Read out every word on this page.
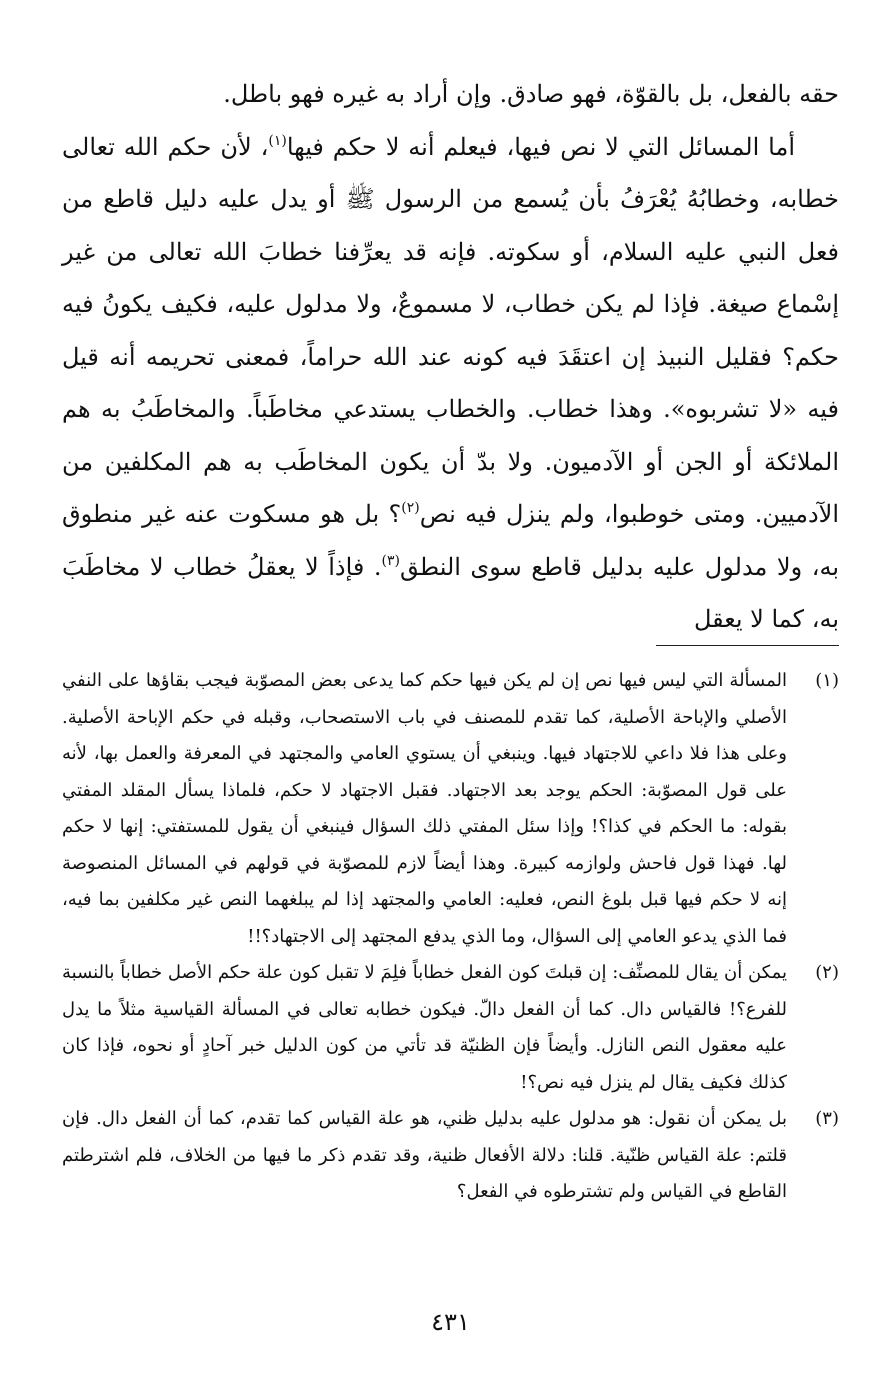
حقه بالفعل، بل بالقوّة، فهو صادق. وإن أراد به غيره فهو باطل.

أما المسائل التي لا نص فيها، فيعلم أنه لا حكم فيها$^{(١)}$، لأن حكم الله تعالى خطابه، وخطابُهُ يُعْرَفُ بأن يُسمع من الرسول ﷺ أو يدل عليه دليل قاطع من فعل النبي عليه السلام، أو سكوته. فإنه قد يعرِّفنا خطابَ الله تعالى من غير إسْماع صيغة. فإذا لم يكن خطاب، لا مسموعٌ، ولا مدلول عليه، فكيف يكونُ فيه حكم؟ فقليل النبيذ إن اعتقَدَ فيه كونه عند الله حراماً، فمعنى تحريمه أنه قيل فيه «لا تشربوه». وهذا خطاب. والخطاب يستدعي مخاطَباً. والمخاطَبُ به هم الملائكة أو الجن أو الآدميون. ولا بدّ أن يكون المخاطَب به هم المكلفين من الآدميين. ومتى خوطبوا، ولم ينزل فيه نص$^{(٢)}$؟ بل هو مسكوت عنه غير منطوق به، ولا مدلول عليه بدليل قاطع سوى النطق$^{(٣)}$. فإذاً لا يعقلُ خطاب لا مخاطَبَ به، كما لا يعقل

(١)
المسألة التي ليس فيها نص إن لم يكن فيها حكم كما يدعى بعض المصوّبة فيجب بقاؤها على النفي الأصلي والإباحة الأصلية، كما تقدم للمصنف في باب الاستصحاب، وقبله في حكم الإباحة الأصلية. وعلى هذا فلا داعي للاجتهاد فيها. وينبغي أن يستوي العامي والمجتهد في المعرفة والعمل بها، لأنه على قول المصوّبة: الحكم يوجد بعد الاجتهاد. فقبل الاجتهاد لا حكم، فلماذا يسأل المقلد المفتي بقوله: ما الحكم في كذا؟! وإذا سئل المفتي ذلك السؤال فينبغي أن يقول للمستفتي: إنها لا حكم لها. فهذا قول فاحش ولوازمه كبيرة. وهذا أيضاً لازم للمصوّبة في قولهم في المسائل المنصوصة إنه لا حكم فيها قبل بلوغ النص، فعليه: العامي والمجتهد إذا لم يبلغهما النص غير مكلفين بما فيه، فما الذي يدعو العامي إلى السؤال، وما الذي يدفع المجتهد إلى الاجتهاد؟!!
(٢)
يمكن أن يقال للمصنِّف: إن قبلتَ كون الفعل خطاباً فلِمَ لا تقبل كون علة حكم الأصل خطاباً بالنسبة للفرع؟! فالقياس دال. كما أن الفعل دالّ. فيكون خطابه تعالى في المسألة القياسية مثلاً ما يدل عليه معقول النص النازل. وأيضاً فإن الظنيّة قد تأتي من كون الدليل خبر آحادٍ أو نحوه، فإذا كان كذلك فكيف يقال لم ينزل فيه نص؟!
(٣)
بل يمكن أن نقول: هو مدلول عليه بدليل ظني، هو علة القياس كما تقدم، كما أن الفعل دال. فإن قلتم: علة القياس ظنّية. قلنا: دلالة الأفعال ظنية، وقد تقدم ذكر ما فيها من الخلاف، فلم اشترطتم القاطع في القياس ولم تشترطوه في الفعل؟
٤٣١
